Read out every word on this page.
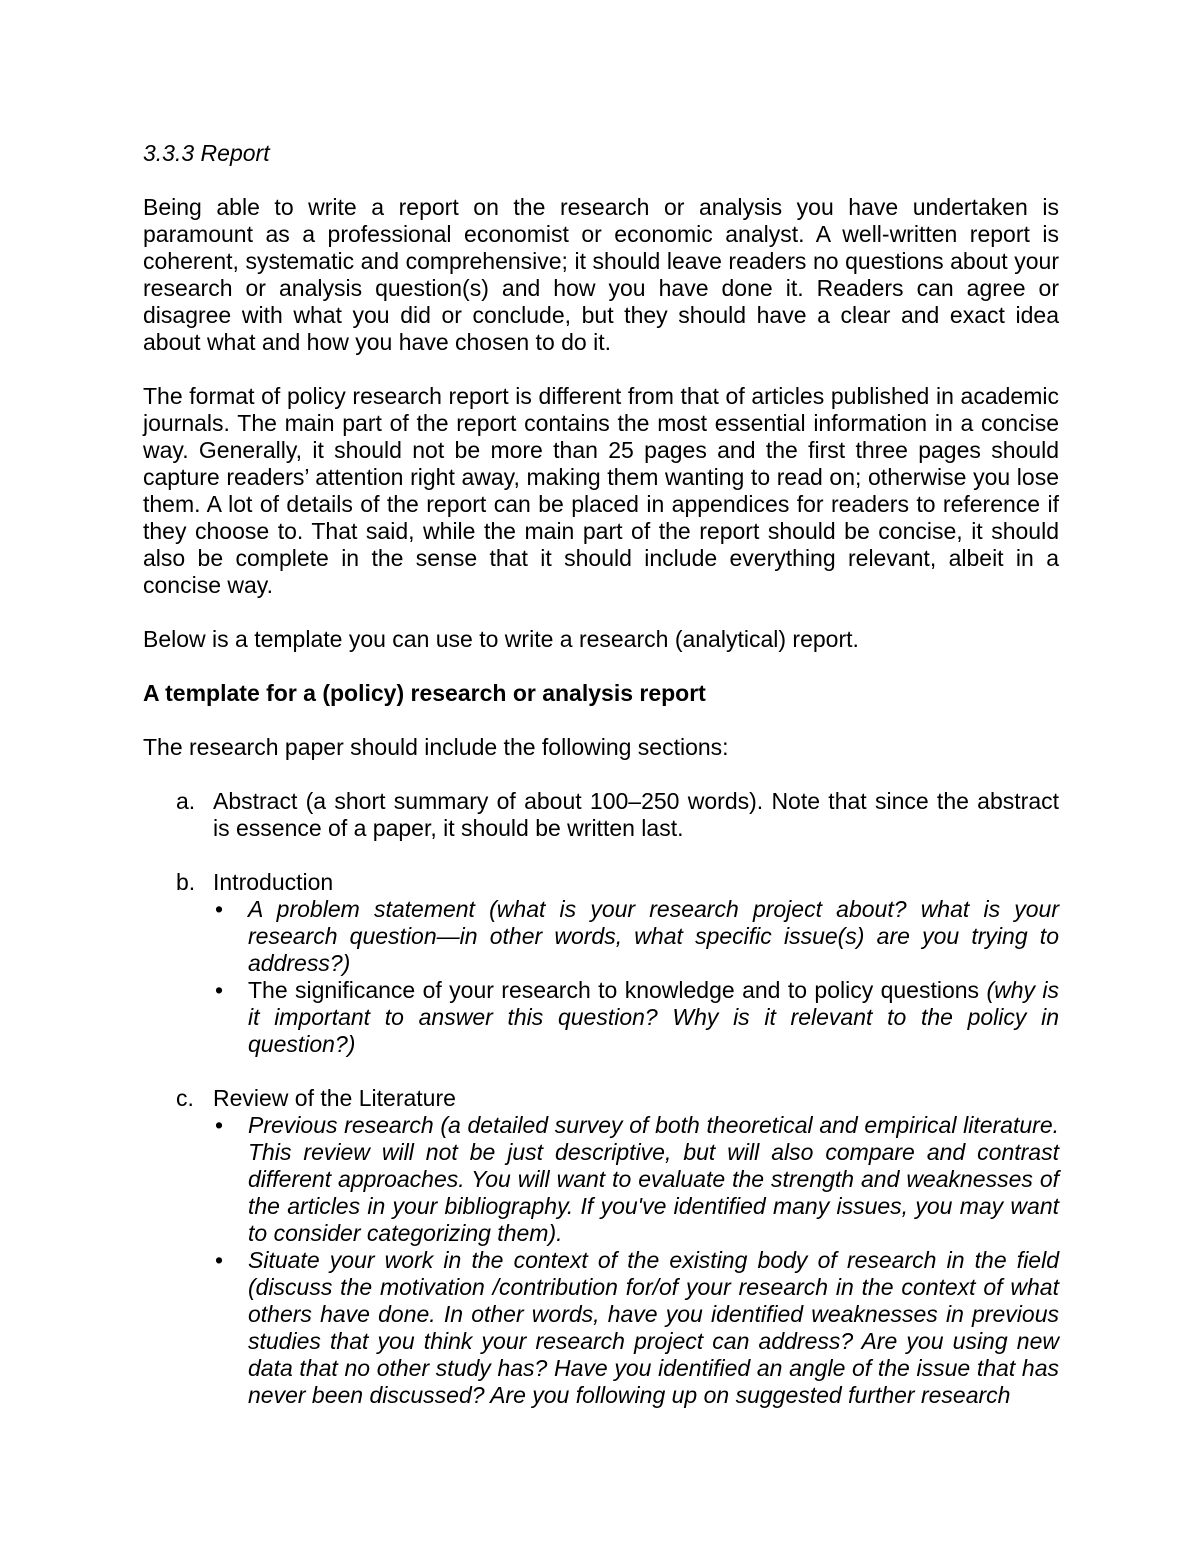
3.3.3 Report
Being able to write a report on the research or analysis you have undertaken is paramount as a professional economist or economic analyst. A well-written report is coherent, systematic and comprehensive; it should leave readers no questions about your research or analysis question(s) and how you have done it. Readers can agree or disagree with what you did or conclude, but they should have a clear and exact idea about what and how you have chosen to do it.
The format of policy research report is different from that of articles published in academic journals. The main part of the report contains the most essential information in a concise way. Generally, it should not be more than 25 pages and the first three pages should capture readers’ attention right away, making them wanting to read on; otherwise you lose them. A lot of details of the report can be placed in appendices for readers to reference if they choose to. That said, while the main part of the report should be concise, it should also be complete in the sense that it should include everything relevant, albeit in a concise way.
Below is a template you can use to write a research (analytical) report.
A template for a (policy) research or analysis report
The research paper should include the following sections:
a. Abstract (a short summary of about 100–250 words). Note that since the abstract is essence of a paper, it should be written last.
b. Introduction
• A problem statement (what is your research project about? what is your research question—in other words, what specific issue(s) are you trying to address?)
• The significance of your research to knowledge and to policy questions (why is it important to answer this question? Why is it relevant to the policy in question?)
c. Review of the Literature
• Previous research (a detailed survey of both theoretical and empirical literature. This review will not be just descriptive, but will also compare and contrast different approaches. You will want to evaluate the strength and weaknesses of the articles in your bibliography. If you've identified many issues, you may want to consider categorizing them).
• Situate your work in the context of the existing body of research in the field (discuss the motivation /contribution for/of your research in the context of what others have done. In other words, have you identified weaknesses in previous studies that you think your research project can address? Are you using new data that no other study has? Have you identified an angle of the issue that has never been discussed? Are you following up on suggested further research
